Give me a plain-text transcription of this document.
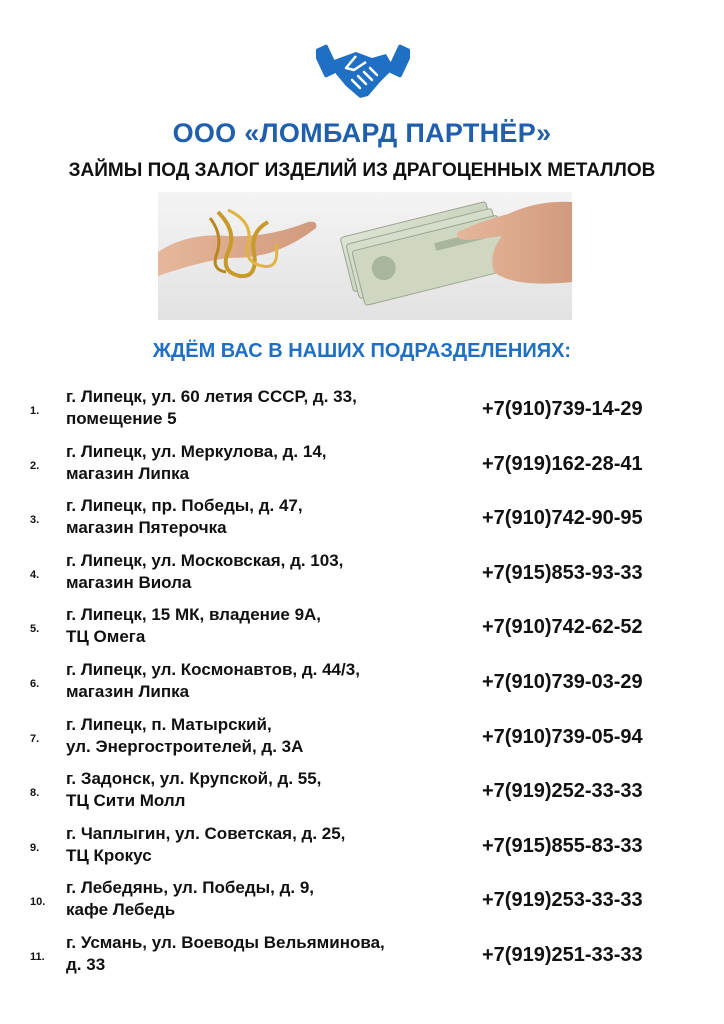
ООО «ЛОМБАРД ПАРТНЁР»
ЗАЙМЫ ПОД ЗАЛОГ ИЗДЕЛИЙ ИЗ ДРАГОЦЕННЫХ МЕТАЛЛОВ
ЖДЁМ ВАС В НАШИХ ПОДРАЗДЕЛЕНИЯХ:
1.
г. Липецк, ул. 60 летия СССР, д. 33,
помещение 5	+7(910)739-14-29
2.
г. Липецк, ул. Меркулова, д. 14,
магазин Липка	+7(919)162-28-41
3.
г. Липецк, пр. Победы, д. 47,
магазин Пятерочка	+7(910)742-90-95
4.
г. Липецк, ул. Московская, д. 103,
магазин Виола	+7(915)853-93-33
5.
г. Липецк, 15 МК, владение 9А,
ТЦ Омега	+7(910)742-62-52
6.
г. Липецк, ул. Космонавтов, д. 44/3,
магазин Липка	+7(910)739-03-29
7.
г. Липецк, п. Матырский,
ул. Энергостроителей, д. 3А	+7(910)739-05-94
8.
г. Задонск, ул. Крупской, д. 55,
ТЦ Сити Молл	+7(919)252-33-33
9.
г. Чаплыгин, ул. Советская, д. 25,
ТЦ Крокус	+7(915)855-83-33
10.
г. Лебедянь, ул. Победы, д. 9,
кафе Лебедь	+7(919)253-33-33
11.
г. Усмань, ул. Воеводы Вельяминова,
д. 33	+7(919)251-33-33
